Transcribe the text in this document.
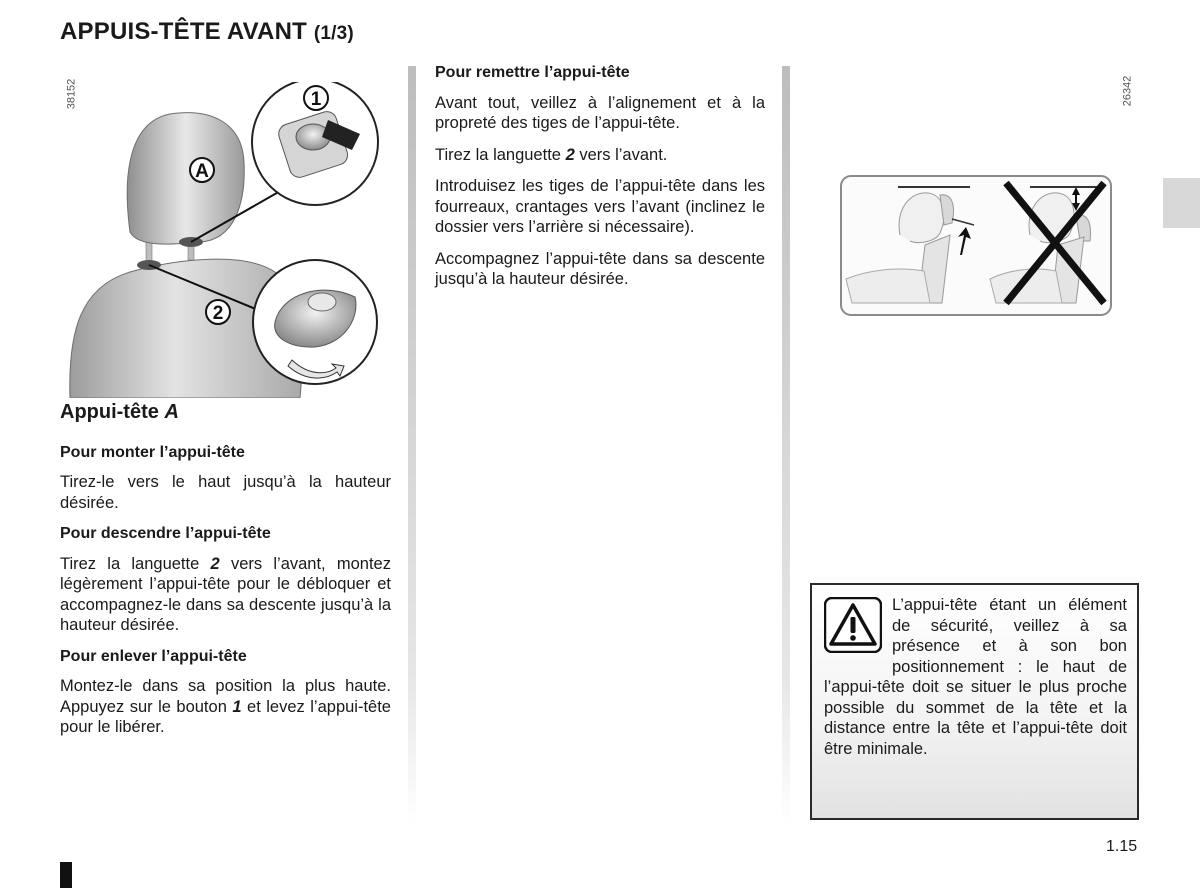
APPUIS-TÊTE AVANT (1/3)
38152	1
2
A
Appui-tête A
Pour monter l’appui-tête

Tirez-le vers le haut jusqu’à la hauteur désirée.

Pour descendre l’appui-tête

Tirez la languette 2 vers l’avant, montez légèrement l’appui-tête pour le débloquer et accompagnez-le dans sa descente jusqu’à la hauteur désirée.

Pour enlever l’appui-tête

Montez-le dans sa position la plus haute. Appuyez sur le bouton 1 et levez l’appui-tête pour le libérer.

Pour remettre l’appui-tête

Avant tout, veillez à l’alignement et à la propreté des tiges de l’appui-tête.

Tirez la languette 2 vers l’avant.

Introduisez les tiges de l’appui-tête dans les fourreaux, crantages vers l’avant (inclinez le dossier vers l’arrière si nécessaire).

Accompagnez l’appui-tête dans sa descente jusqu’à la hauteur désirée.

26342
L’appui-tête étant un élément de sécurité, veillez à sa présence et à son bon positionnement : le haut de l’appui-tête doit se situer le plus proche possible du sommet de la tête et la distance entre la tête et l’appui-tête doit être minimale.
1.15
